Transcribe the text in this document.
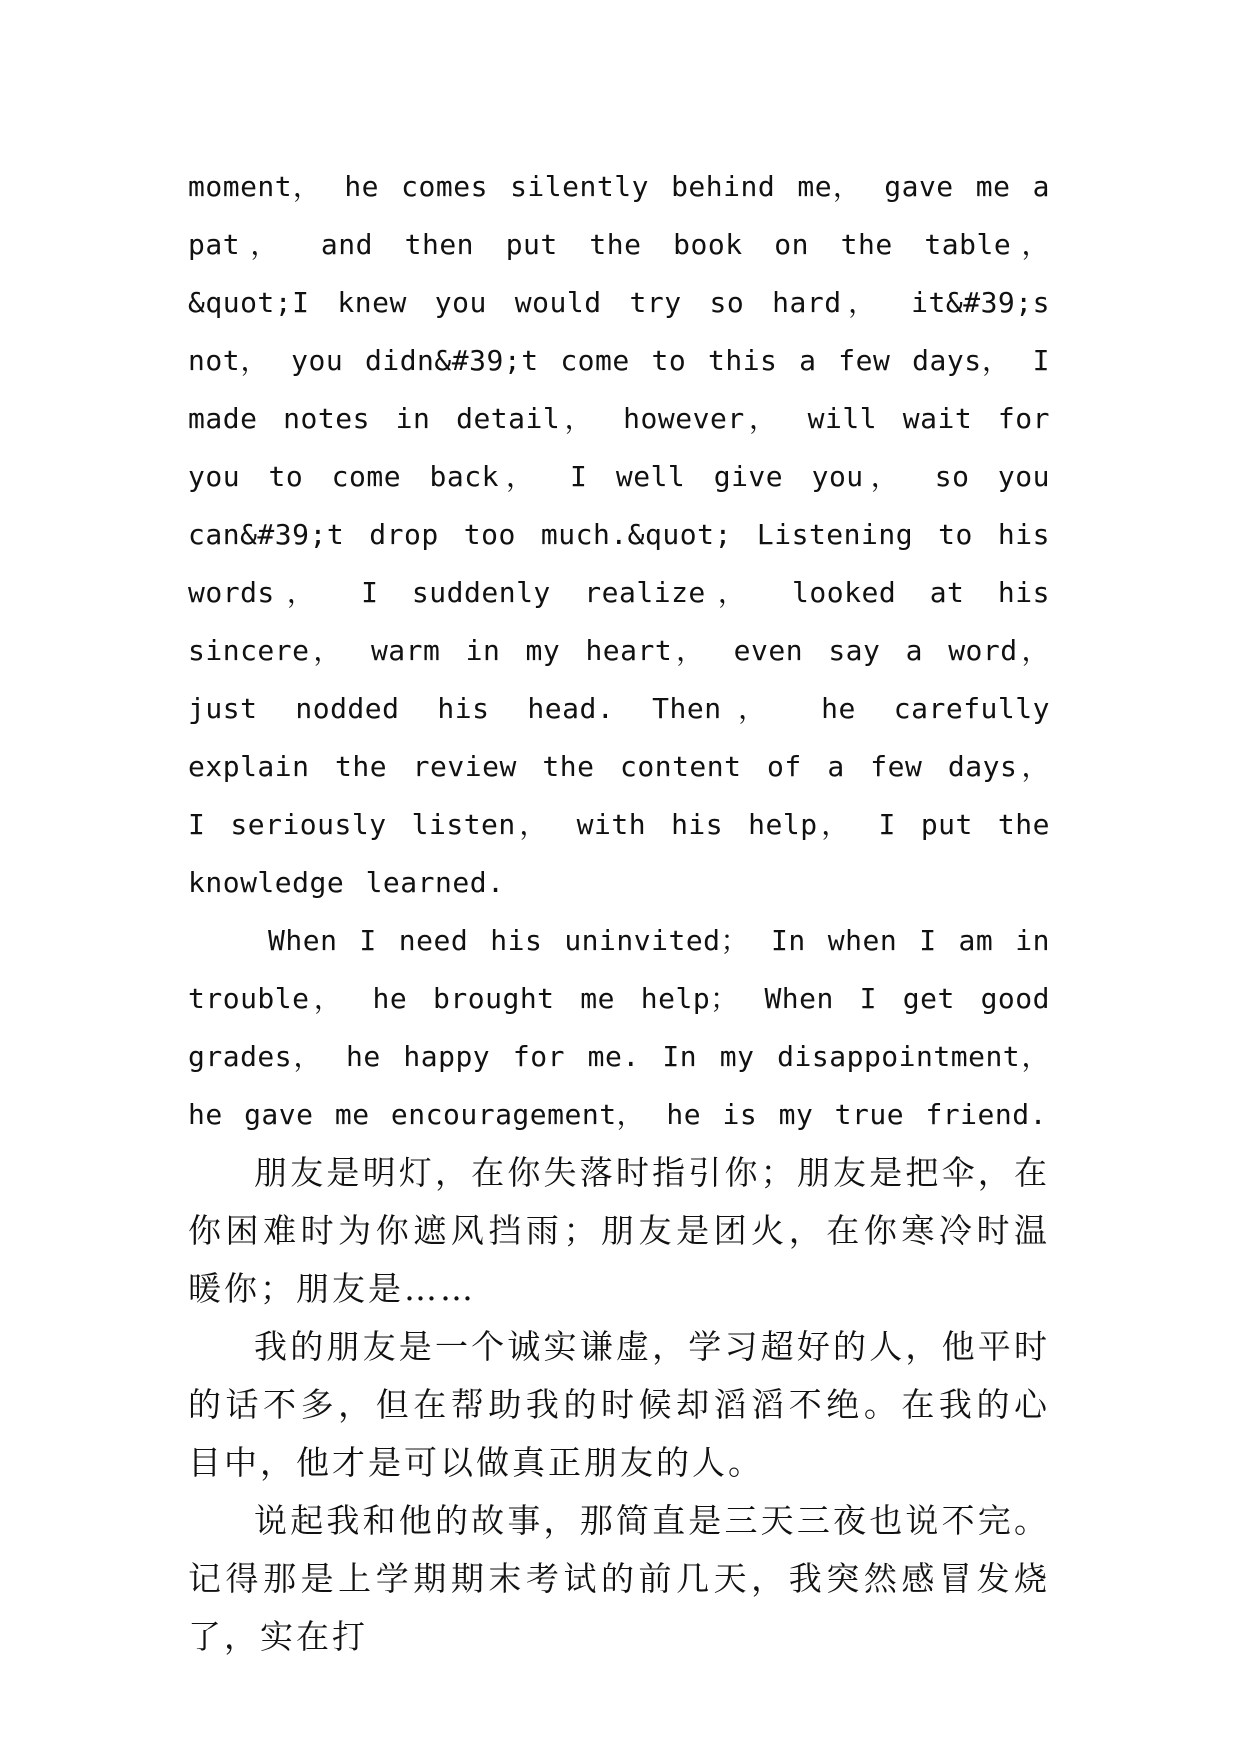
moment， he comes silently behind me， gave me a pat， and then put the book on the table， &quot;I knew you would try so hard， it&#39;s not， you didn&#39;t come to this a few days， I made notes in detail， however， will wait for you to come back， I well give you， so you can&#39;t drop too much.&quot; Listening to his words， I suddenly realize， looked at his sincere， warm in my heart， even say a word， just nodded his head. Then， he carefully explain the review the content of a few days， I seriously listen， with his help， I put the knowledge learned.

When I need his uninvited； In when I am in trouble， he brought me help； When I get good grades， he happy for me. In my disappointment， he gave me encouragement， he is my true friend.

朋友是明灯，在你失落时指引你；朋友是把伞，在你困难时为你遮风挡雨；朋友是团火，在你寒冷时温暖你；朋友是……

我的朋友是一个诚实谦虚，学习超好的人，他平时的话不多，但在帮助我的时候却滔滔不绝。在我的心目中，他才是可以做真正朋友的人。

说起我和他的故事，那简直是三天三夜也说不完。记得那是上学期期末考试的前几天，我突然感冒发烧了，实在打
